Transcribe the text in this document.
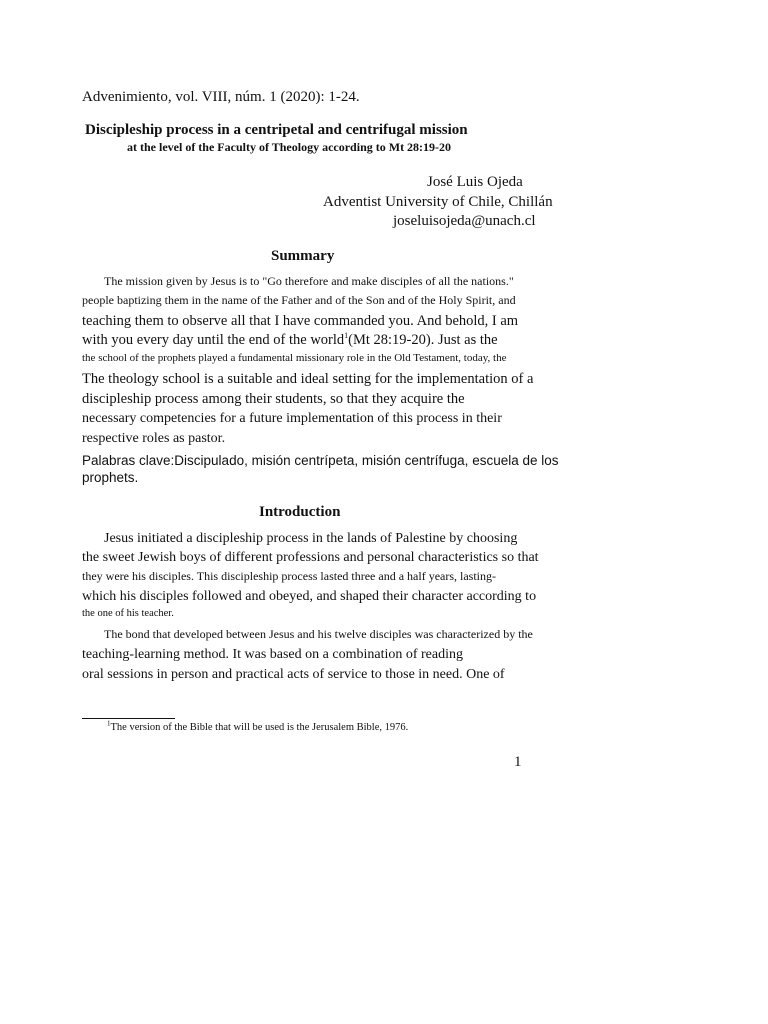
Advenimiento, vol. VIII, núm. 1 (2020): 1-24.

Discipleship process in a centripetal and centrifugal mission

at the level of the Faculty of Theology according to Mt 28:19-20

José Luis Ojeda

Adventist University of Chile, Chillán

joseluisojeda@unach.cl

Summary

The mission given by Jesus is to "Go therefore and make disciples of all the nations."

people baptizing them in the name of the Father and of the Son and of the Holy Spirit, and

teaching them to observe all that I have commanded you. And behold, I am

with you every day until the end of the world$^1$(Mt 28:19-20). Just as the

the school of the prophets played a fundamental missionary role in the Old Testament, today, the

The theology school is a suitable and ideal setting for the implementation of a

discipleship process among their students, so that they acquire the

necessary competencies for a future implementation of this process in their

respective roles as pastor.

Palabras clave:Discipulado, misión centrípeta, misión centrífuga, escuela de los

prophets.

Introduction

Jesus initiated a discipleship process in the lands of Palestine by choosing

the sweet Jewish boys of different professions and personal characteristics so that

they were his disciples. This discipleship process lasted three and a half years, lasting-

which his disciples followed and obeyed, and shaped their character according to

the one of his teacher.

The bond that developed between Jesus and his twelve disciples was characterized by the

teaching-learning method. It was based on a combination of reading

oral sessions in person and practical acts of service to those in need. One of

$^1$The version of the Bible that will be used is the Jerusalem Bible, 1976.

1
